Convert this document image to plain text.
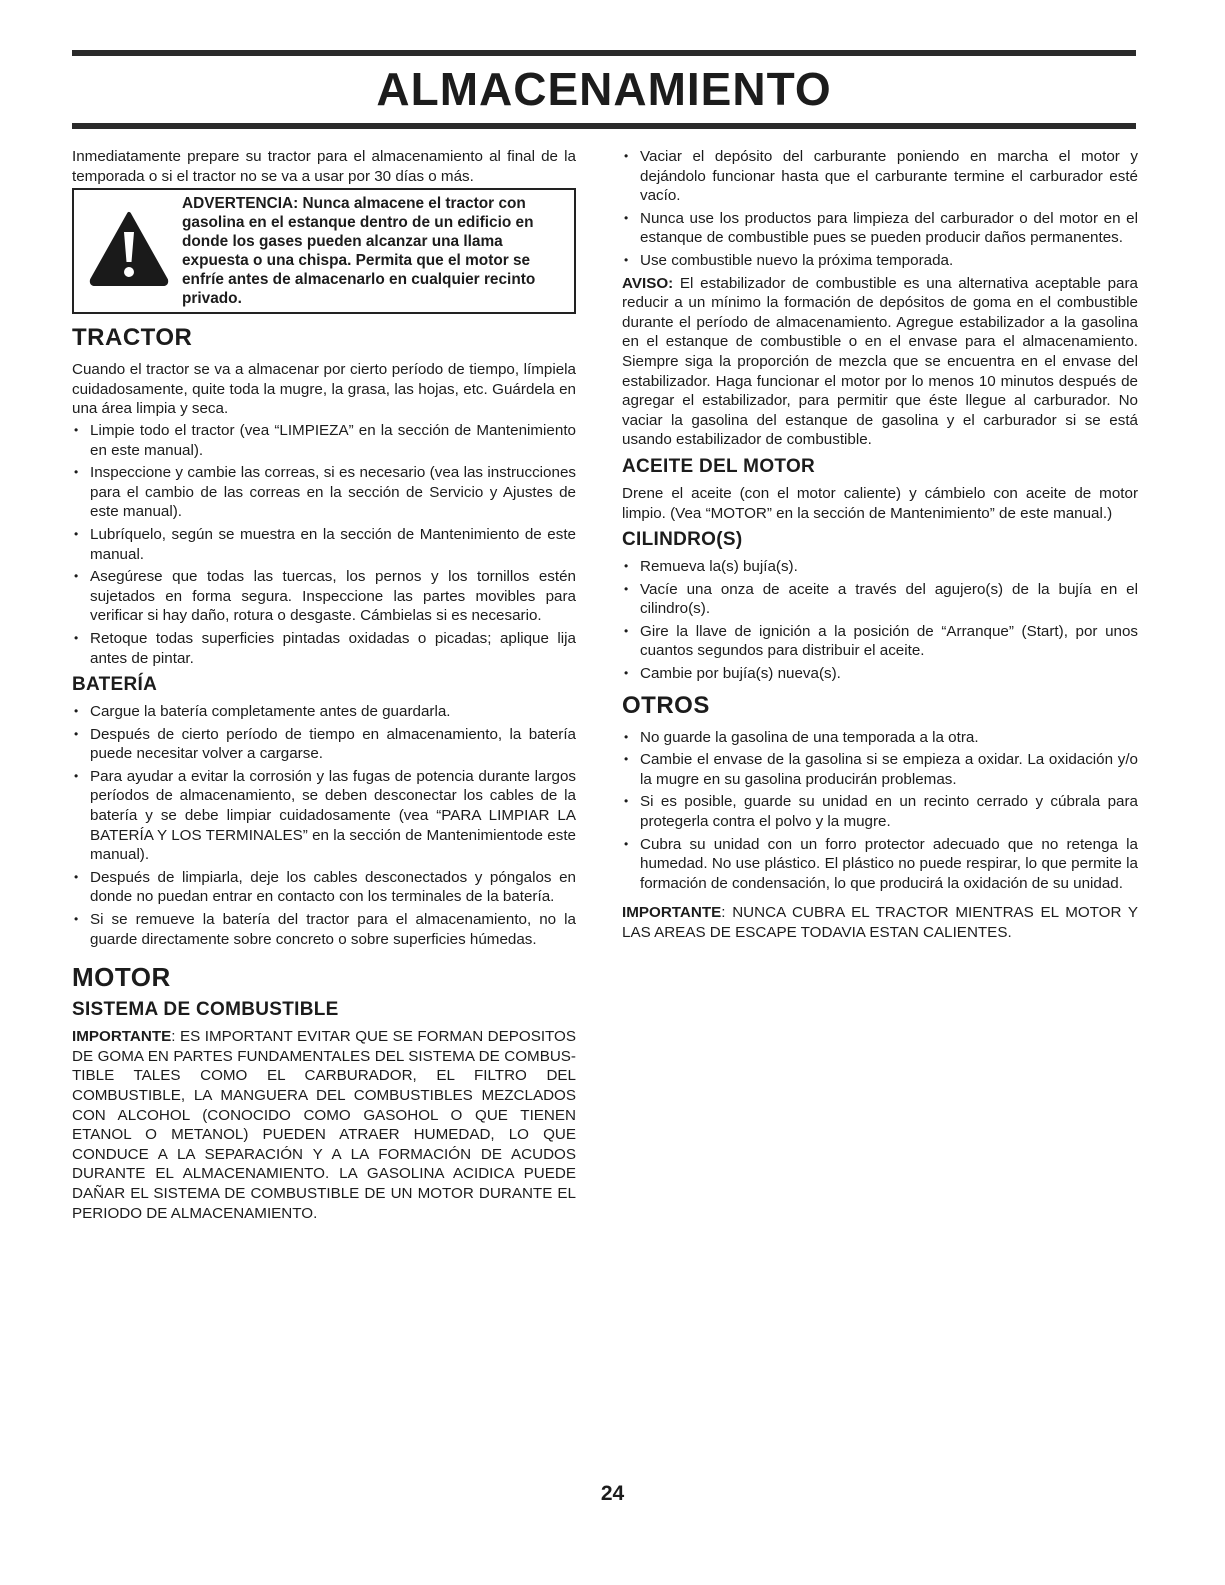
ALMACENAMIENTO

Inmediatamente prepare su tractor para el almacenamiento al final de la temporada o si el tractor no se va a usar por 30 días o más.

ADVERTENCIA: Nunca almacene el tractor con gasolina en el estanque dentro de un edificio en donde los gases pueden alcanzar una llama expuesta o una chispa. Permita que el motor se enfríe antes de almacenarlo en cualquier recinto privado.
TRACTOR

Cuando el tractor se va a almacenar por cierto período de tiempo, límpiela cuidadosamente, quite toda la mugre, la grasa, las hojas, etc. Guárdela en una área limpia y seca.

• Limpie todo el tractor (vea “LIMPIEZA” en la sección de Mantenimiento en este manual).
• Inspeccione y cambie las correas, si es necesario (vea las instrucciones para el cambio de las correas en la sección de Servicio y Ajustes de este manual).
• Lubríquelo, según se muestra en la sección de Mantenimiento de este manual.
• Asegúrese que todas las tuercas, los pernos y los tornillos estén sujetados en forma segura. Inspeccione las partes movibles para verificar si hay daño, rotura o desgaste. Cámbielas si es necesario.
• Retoque todas superficies pintadas oxidadas o picadas; aplique lija antes de pintar.
BATERÍA
• Cargue la batería completamente antes de guardarla.
• Después de cierto período de tiempo en almacenamiento, la batería puede necesitar volver a cargarse.
• Para ayudar a evitar la corrosión y las fugas de potencia durante largos períodos de almacenamiento, se deben desconectar los cables de la batería y se debe limpiar cuidadosamente (vea “PARA LIMPIAR LA BATERÍA Y LOS TERMINALES” en la sección de Mantenimientode este manual).
• Después de limpiarla, deje los cables desconectados y póngalos en donde no puedan entrar en contacto con los terminales de la batería.
• Si se remueve la batería del tractor para el almacenamiento, no la guarde directamente sobre concreto o sobre superficies húmedas.
MOTOR
SISTEMA DE COMBUSTIBLE

IMPORTANTE: ES IMPORTANT EVITAR QUE SE FORMAN DEPOSITOS DE GOMA EN PARTES FUNDAMENTALES DEL SISTEMA DE COMBUS-TIBLE TALES COMO EL CARBURADOR, EL FILTRO DEL COMBUSTIBLE, LA MANGUERA DEL COMBUSTIBLES MEZCLADOS CON ALCOHOL (CONOCIDO COMO GASOHOL O QUE TIENEN ETANOL O METANOL) PUEDEN ATRAER HUMEDAD, LO QUE CONDUCE A LA SEPARACIÓN Y A LA FORMACIÓN DE ACUDOS DURANTE EL ALMACENAMIENTO. LA GASOLINA ACIDICA PUEDE DAÑAR EL SISTEMA DE COMBUSTIBLE DE UN MOTOR DURANTE EL PERIODO DE ALMACENAMIENTO.

• Vaciar el depósito del carburante poniendo en marcha el motor y dejándolo funcionar hasta que el carburante termine el carburador esté vacío.
• Nunca use los productos para limpieza del carburador o del motor en el estanque de combustible pues se pueden producir daños permanentes.
• Use combustible nuevo la próxima temporada.

AVISO: El estabilizador de combustible es una alternativa aceptable para reducir a un mínimo la formación de depósitos de goma en el combustible durante el período de almacenamiento. Agregue estabilizador a la gasolina en el estanque de combustible o en el envase para el almacenamiento. Siempre siga la proporción de mezcla que se encuentra en el envase del estabilizador. Haga funcionar el motor por lo menos 10 minutos después de agregar el estabilizador, para permitir que éste llegue al carburador. No vaciar la gasolina del estanque de gasolina y el carburador si se está usando estabilizador de combustible.

ACEITE DEL MOTOR

Drene el aceite (con el motor caliente) y cámbielo con aceite de motor limpio. (Vea “MOTOR” en la sección de Mantenimiento” de este manual.)

CILINDRO(S)
• Remueva la(s) bujía(s).
• Vacíe una onza de aceite a través del agujero(s) de la bujía en el cilindro(s).
• Gire la llave de ignición a la posición de “Arranque” (Start), por unos cuantos segundos para distribuir el aceite.
• Cambie por bujía(s) nueva(s).
OTROS
• No guarde la gasolina de una temporada a la otra.
• Cambie el envase de la gasolina si se empieza a oxidar. La oxidación y/o la mugre en su gasolina producirán problemas.
• Si es posible, guarde su unidad en un recinto cerrado y cúbrala para protegerla contra el polvo y la mugre.
• Cubra su unidad con un forro protector adecuado que no retenga la humedad. No use plástico. El plástico no puede respirar, lo que permite la formación de condensación, lo que producirá la oxidación de su unidad.

IMPORTANTE: NUNCA CUBRA EL TRACTOR MIENTRAS EL MOTOR Y LAS AREAS DE ESCAPE TODAVIA ESTAN CALIENTES.

24
